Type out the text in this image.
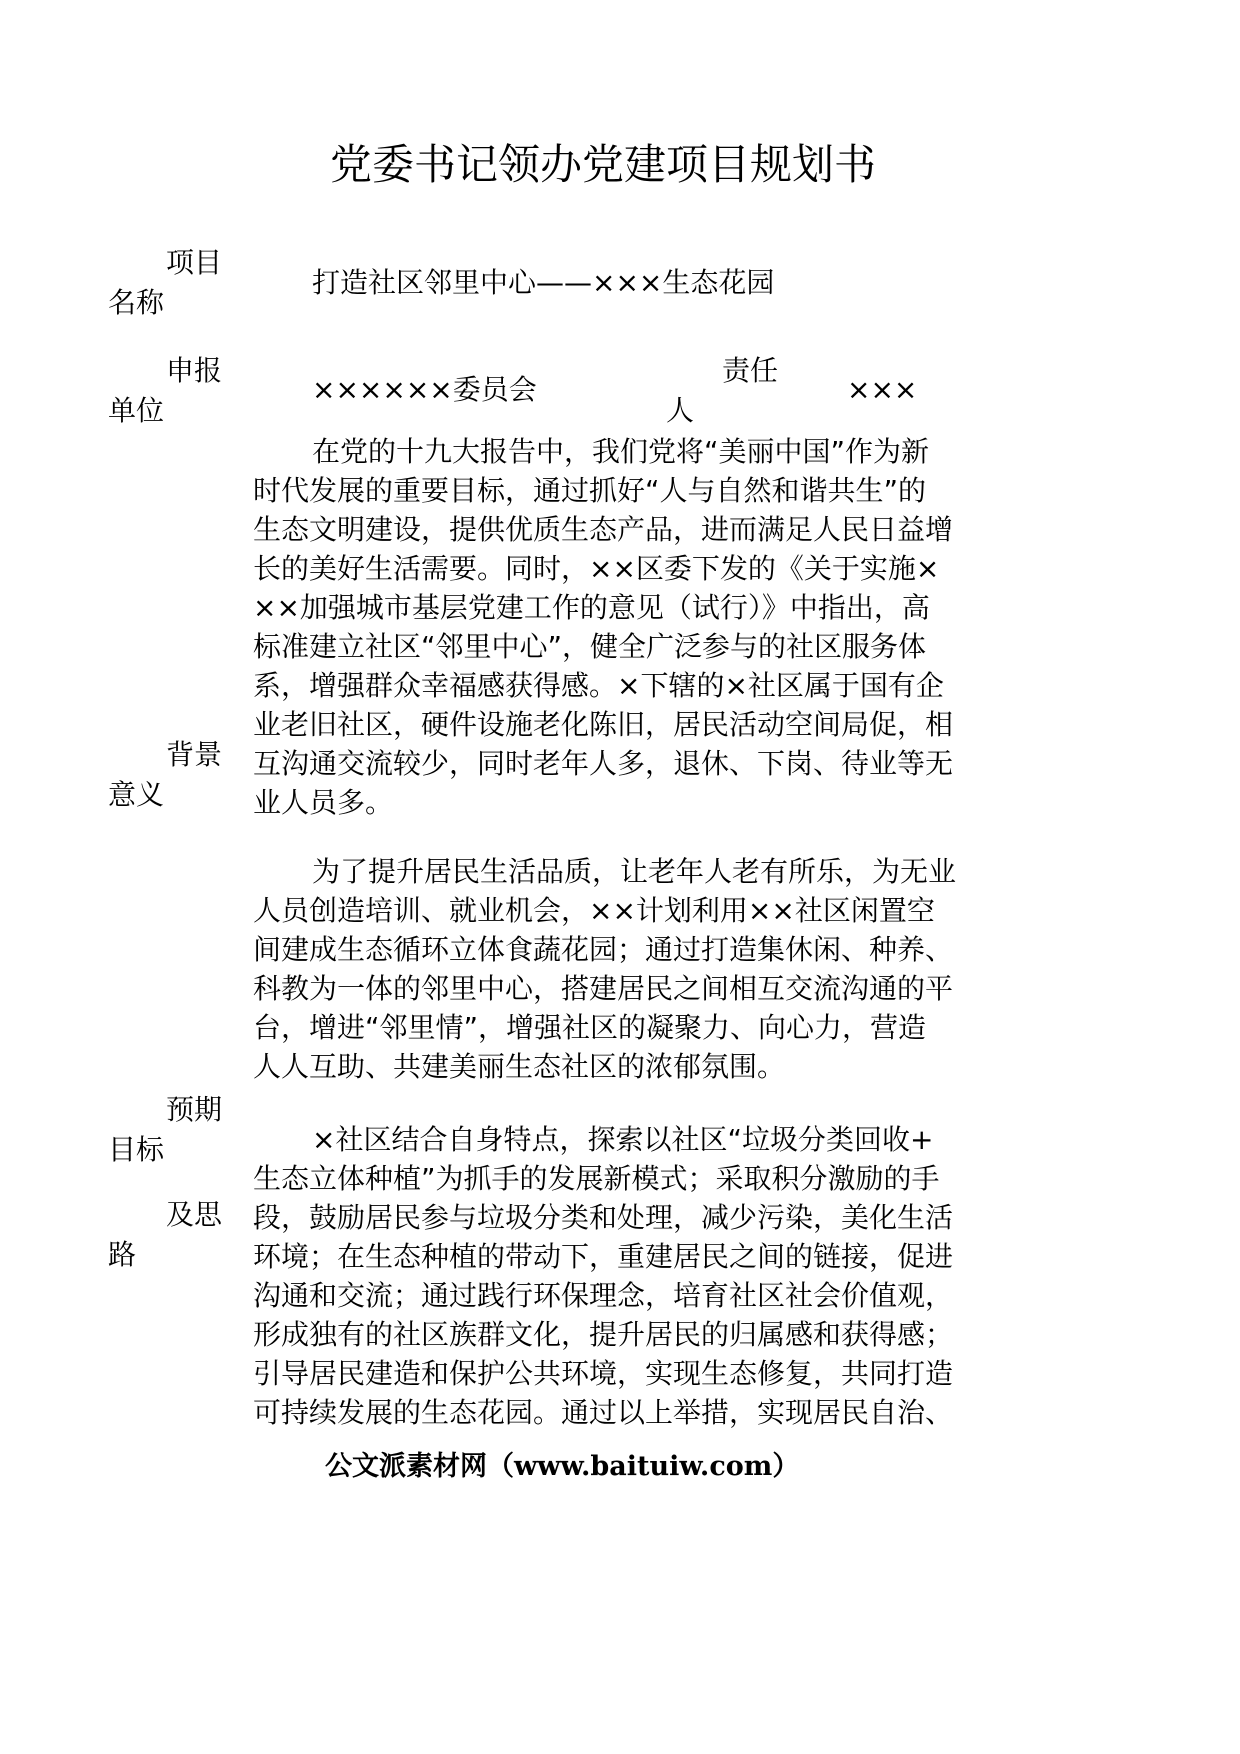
党委书记领办党建项目规划书
项目
名称
打造社区邻里中心——×××生态花园
申报
单位
××××××委员会
责任
人
×××
背景
意义
在党的十九大报告中，我们党将“美丽中国”作为新
时代发展的重要目标，通过抓好“人与自然和谐共生”的
生态文明建设，提供优质生态产品，进而满足人民日益增
长的美好生活需要。同时，××区委下发的《关于实施×
××加强城市基层党建工作的意见（试行）》中指出，高
标准建立社区“邻里中心”，健全广泛参与的社区服务体
系，增强群众幸福感获得感。×下辖的×社区属于国有企
业老旧社区，硬件设施老化陈旧，居民活动空间局促，相
互沟通交流较少，同时老年人多，退休、下岗、待业等无
业人员多。
为了提升居民生活品质，让老年人老有所乐，为无业
人员创造培训、就业机会，××计划利用××社区闲置空
间建成生态循环立体食蔬花园；通过打造集休闲、种养、
科教为一体的邻里中心，搭建居民之间相互交流沟通的平
台，增进“邻里情”，增强社区的凝聚力、向心力，营造
人人互助、共建美丽生态社区的浓郁氛围。
预期
目标
及思
路
×社区结合自身特点，探索以社区“垃圾分类回收+
生态立体种植”为抓手的发展新模式；采取积分激励的手
段，鼓励居民参与垃圾分类和处理，减少污染，美化生活
环境；在生态种植的带动下，重建居民之间的链接，促进
沟通和交流；通过践行环保理念，培育社区社会价值观，
形成独有的社区族群文化，提升居民的归属感和获得感；
引导居民建造和保护公共环境，实现生态修复，共同打造
可持续发展的生态花园。通过以上举措，实现居民自治、
公文派素材网（www.baituiw.com）
